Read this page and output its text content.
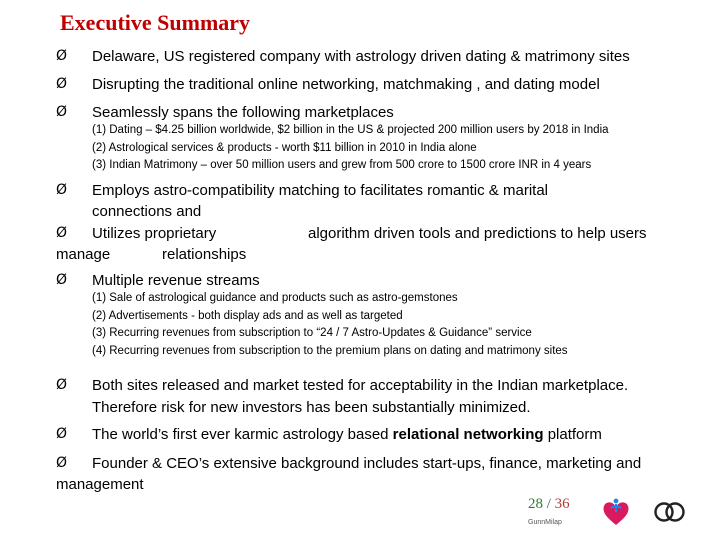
Executive Summary
Ø Delaware, US registered company with astrology driven dating & matrimony sites
Ø Disrupting the traditional online networking, matchmaking , and dating model
Ø Seamlessly spans the following marketplaces
(1) Dating – $4.25 billion worldwide, $2 billion in the US & projected 200 million users by 2018 in India
(2) Astrological services & products - worth $11 billion in 2010 in India alone
(3) Indian Matrimony – over 50 million users and grew from 500 crore to 1500 crore INR in 4 years
Ø Employs astro-compatibility matching to facilitates romantic & marital
connections and
Ø Utilizes proprietary	algorithm driven tools and predictions to help users
manage	relationships
Ø Multiple revenue streams
(1) Sale of astrological guidance and products such as astro-gemstones
(2) Advertisements - both display ads and as well as targeted
(3) Recurring revenues from subscription to “24 / 7 Astro-Updates & Guidance” service
(4) Recurring revenues from subscription to the premium plans on dating and matrimony sites
Ø Both sites released and market tested for acceptability in the Indian marketplace.
Therefore risk for new investors has been substantially minimized.
Ø The world’s first ever karmic astrology based relational networking platform
Ø Founder & CEO’s extensive background includes start-ups, finance, marketing and
management
28 / 36
GunnMilap
